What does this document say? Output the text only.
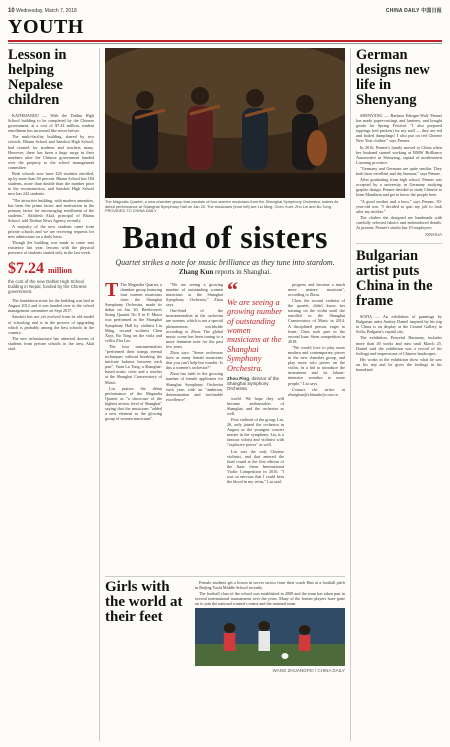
10 Wednesday, March 7, 2018	CHINA DAILY 中国日报
YOUTH
Lesson in helping Nepalese children

KATHMANDU — With the Dalhar High School building to be completed by the Chinese government, at a cost of $7.24 million, student enrollment has increased like never before.

The multi-facility building, shared by two schools, Bhanu School and Sanskrit High School, had created for students and teachers many. However, there has been a huge surge in their numbers after the Chinese government handed over the property to the school management committee.

Both schools now have 426 students enrolled, up by more than 50 percent. Bhanu School has 184 students, more than double than the number prior to the reconstruction, and Sanskrit High School now has 242 students.

"The attractive building, with modern amenities, has been the prime factor and motivation in the primary factor for encouraging enrollment of the students," Akhilesh Akal, principal of Bhanu School, told Xinhua News Agency recently.

A majority of the new students came from private schools and we are receiving requests for new admissions on a daily basis.

Though the building was made to come into existence last year, lessons with the physical presence of students started only in the last week.

$7.24 million
the cost of the new Dalhar High School building in Nepal, funded by the Chinese government.

The foundation stone for the building was laid in August 2012 and it was handed over to the school management committee on Sept 2017.

Sanskrit has not yet evolved from its old model of schooling and is in the process of upgrading which is probably among the best schools in the country.

The new infrastructure has attracted dozens of students from private schools in the area, Akal said.

The Magnolia Quartet, a new chamber group that consists of four women musicians from the Shanghai Symphony Orchestra, makes its debut performance at Shanghai Symphony Hall on Jan 20. The musicians (from left) are Liu Ming, Chen Xuet, Zhu Lin and Bo Tong. PROVIDED TO CHINA DAILY
Band of sisters
Quartet strikes a note for music brilliance as they tune into stardom.
Zhang Kun reports in Shanghai.
T The Magnolia Quartet, a chamber group featuring four women musicians from the Shanghai Symphony Orchestra, made its debut on Jan 20. Beethoven's String Quartet No 8 in E Minor was performed at the Shanghai Symphony Hall by violinist Liu Ming, second violinist Chen Xuyi, Bo Tong on the viola and cellist Zhu Lin.

The four instrumentalists "performed their strings eternal techniques without breaking the intricate balance between each part", Yuan Lu Tong, a Shanghai-based music critic and a teacher at the Shanghai Conservatory of Music.

Liu praises the debut performance of the Magnolia Quartet as "a showcase of the highest artistic level of Shanghai" saying that the musicians "added a new element to the glowing group of women musicians".

"We are seeing a growing number of outstanding women musicians at the Shanghai Symphony Orchestra," Zhou says.

One-third of the instrumentalists in the orchestra are women, which is not a special phenomenon worldwide according to Zhou. The global music scene has been tuning to a more feminine note for the past few years.

Zhou says: "Some orchestras have as many female musicians that you can't help but wonder: Is this a women's orchestra?"

Zhou has faith in the growing number of female applicants for Shanghai Symphony Orchestra each year, with an "ambition, determination and irrefutable excellence".

“
We are seeing a growing number of outstanding women musicians at the Shanghai Symphony Orchestra.
Zhou Ping, director of the Shanghai Symphony Orchestra

world. We hope they will become ambassadors of Shanghai, and the orchestra as well.

First violinist of the group, Liu, 26, only joined the orchestra in August as the youngest concert master in the symphony. Liu is a famous soloist and violinist with "explosive power" as well.

Liu was the only Chinese violinist, and that entered the final round at the first edition of the Isaac Stern International Violin Competition in 2016. "I was so nervous that I could hear the blood in my veins," Liu said.

progress and become a much more mature musician", according to Zhou.

Chen, the second violinist of the quartet, didn't know her training on the violin until she enrolled in the Shanghai Conservatory of Music in 2014. A disciplined person, eager to learn, Chen took part in the second Isaac Stern competition in 2018.

"We would love to play more modern and contemporary pieces in the new chamber group, and play more solo pieces on the violin, in a bid to introduce the instrument and its labour-intensive wonders to more people," Liu says.

Contact the writer at zhangkun@chinadaily.com.cn

Girls with the world at their feet

Female students get a lesson in soccer tactics from their coach Han at a football pitch in Beijing Yashi Middle School recently.

The football class of the school was established in 2009 and the team has taken part in several international tournaments over the years. Many of the former players have gone on to join the national women's teams and the national team.

WANG ZHUANGFEI / CHINA DAILY
German designs new life in Shenyang

SHENYANG — Barbara Edinger-Wolf Penner has made paper-cuttings and lanterns, and bought goods for Spring Festival. "I also prepared toppings (red packets) for my staff — they are red and boiled dumplings! I also put on red Chinese New Year clothes," says Penner.

In 2016, Penner's family moved to China when her husband started working at BMW Brilliance Automotive in Shenyang, capital of northeastern Liaoning province.

"Germany and Germans are quite similar. They both have excellent and dry humour," says Penner.

After graduating from high school, Penner was accepted by a university in Germany studying graphic design. Penner decided to study Chinese to learn Mandarin and get to know the people here.

"A good mother and a hero," says Penner, 30-year-old son. "I decided to quit my job to look after my mother."

The clothes she designed are handmade with carefully selected fabrics and embroidered details. At present, Penner's studio has 10 employees.

XINHUA
Bulgarian artist puts China in the frame

SOFIA — An exhibition of paintings by Bulgarian artist Andrey Daniel inspired by his trip to China is on display at the Central Gallery in Sofia, Bulgaria's capital city.

The exhibition, Peaceful Harmony, includes more than 40 works and runs until March 25. Daniel said the exhibition was a record of his feelings and impressions of Chinese landscapes.

His works in the exhibition show what he saw on his trip and he gives the feelings in his homeland.
